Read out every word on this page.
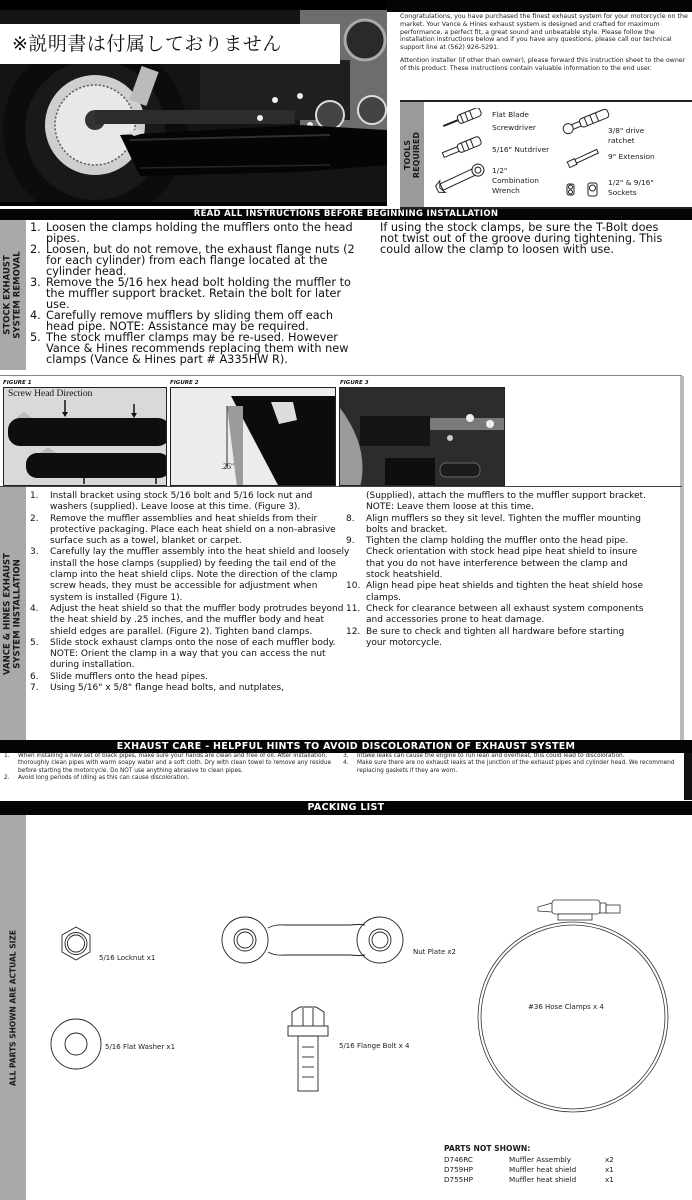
※説明書は付属しておりません

Congratulations, you have purchased the finest exhaust system for your motorcycle on the market. Your Vance & Hines exhaust system is designed and crafted for maximum performance, a perfect fit, a great sound and unbeatable style. Please follow the installation instructions below and if you have any questions, please call our technical support line at (562) 926-5291.

Attention installer (if other than owner), please forward this instruction sheet to the owner of this product. These instructions contain valuable information to the end user.

TOOLS
REQUIRED
Flat Blade
Screwdriver
5/16" Nutdriver
1/2"
Combination
Wrench
3/8" drive
ratchet
9" Extension
1/2" & 9/16"
Sockets
READ ALL INSTRUCTIONS BEFORE BEGINNING INSTALLATION
STOCK EXHAUST SYSTEM REMOVAL
1. Loosen the clamps holding the mufflers onto the head pipes.
2. Loosen, but do not remove, the exhaust flange nuts (2 for each cylinder) from each flange located at the cylinder head.
3. Remove the 5/16 hex head bolt holding the muffler to the muffler support bracket. Retain the bolt for later use.
4. Carefully remove mufflers by sliding them off each head pipe. NOTE: Assistance may be required.
5. The stock muffler clamps may be re-used. However Vance & Hines recommends replacing them with new clamps (Vance & Hines part # A335HW R).
If using the stock clamps, be sure the T-Bolt does not twist out of the groove during tightening. This could allow the clamp to loosen with use.
FIGURE 1
Screw Head Direction
FIGURE 2
.25"
FIGURE 3
VANCE & HINES EXHAUST SYSTEM INSTALLATION
1.	Install bracket using stock 5/16 bolt and 5/16 lock nut and washers (supplied). Leave loose at this time. (Figure 3).
2.	Remove the muffler assemblies and heat shields from their protective packaging. Place each heat shield on a non-abrasive surface such as a towel, blanket or carpet.
3.	Carefully lay the muffler assembly into the heat shield and loosely install the hose clamps (supplied) by feeding the tail end of the clamp into the heat shield clips. Note the direction of the clamp screw heads, they must be accessible for adjustment when system is installed (Figure 1).
4.	Adjust the heat shield so that the muffler body protrudes beyond the heat shield by .25 inches, and the muffler body and heat shield edges are parallel. (Figure 2). Tighten band clamps.
5.	Slide stock exhaust clamps onto the nose of each muffler body. NOTE: Orient the clamp in a way that you can access the nut during installation.
6.	Slide mufflers onto the head pipes.
7.	Using 5/16" x 5/8" flange head bolts, and nutplates,
(Supplied), attach the mufflers to the muffler support bracket. NOTE: Leave them loose at this time.
8.	Align mufflers so they sit level. Tighten the muffler mounting bolts and bracket.
9.	Tighten the clamp holding the muffler onto the head pipe. Check orientation with stock head pipe heat shield to insure that you do not have interference between the clamp and stock heatshield.
10. Align head pipe heat shields and tighten the heat shield hose clamps.
11. Check for clearance between all exhaust system components and accessories prone to heat damage.
12. Be sure to check and tighten all hardware before starting your motorcycle.
EXHAUST CARE - HELPFUL HINTS TO AVOID DISCOLORATION OF EXHAUST SYSTEM
1.	When installing a new set of black pipes, make sure your hands are clean and free of oil. After installation, thoroughly clean pipes with warm soapy water and a soft cloth. Dry with clean towel to remove any residue before starting the motorcycle. Do NOT use anything abrasive to clean pipes.
2.	Avoid long periods of idling as this can cause discoloration.
3.	Intake leaks can cause the engine to run lean and overheat, this could lead to discoloration.
4.	Make sure there are no exhaust leaks at the junction of the exhaust pipes and cylinder head. We recommend replacing gaskets if they are worn.
PACKING LIST
ALL PARTS SHOWN ARE ACTUAL SIZE	5/16 Locknut x1
Nut Plate x2
#36 Hose Clamps x 4
5/16 Flat Washer x1	5/16 Flange Bolt x 4
PARTS NOT SHOWN:
D746RC	Muffler Assembly	x2
D759HP	Muffler heat shield	x1
D755HP	Muffler heat shield	x1
